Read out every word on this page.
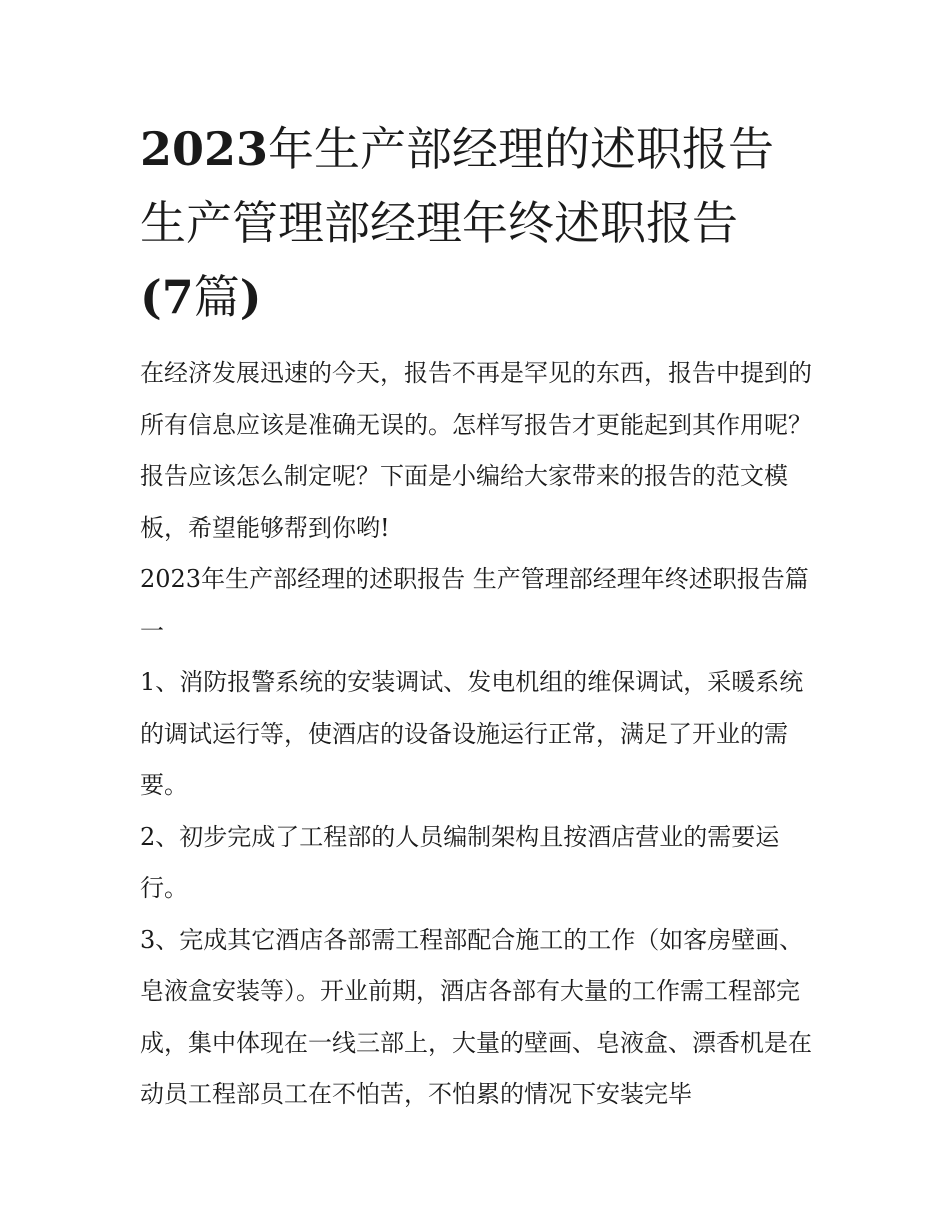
2023年生产部经理的述职报告
生产管理部经理年终述职报告
(7篇)

在经济发展迅速的今天，报告不再是罕见的东西，报告中提到的所有信息应该是准确无误的。怎样写报告才更能起到其作用呢？报告应该怎么制定呢？下面是小编给大家带来的报告的范文模板，希望能够帮到你哟!

2023年生产部经理的述职报告 生产管理部经理年终述职报告篇一

1、消防报警系统的安装调试、发电机组的维保调试，采暖系统的调试运行等，使酒店的设备设施运行正常，满足了开业的需要。

2、初步完成了工程部的人员编制架构且按酒店营业的需要运行。

3、完成其它酒店各部需工程部配合施工的工作（如客房壁画、皂液盒安装等）。开业前期，酒店各部有大量的工作需工程部完成，集中体现在一线三部上，大量的壁画、皂液盒、漂香机是在动员工程部员工在不怕苦，不怕累的情况下安装完毕
